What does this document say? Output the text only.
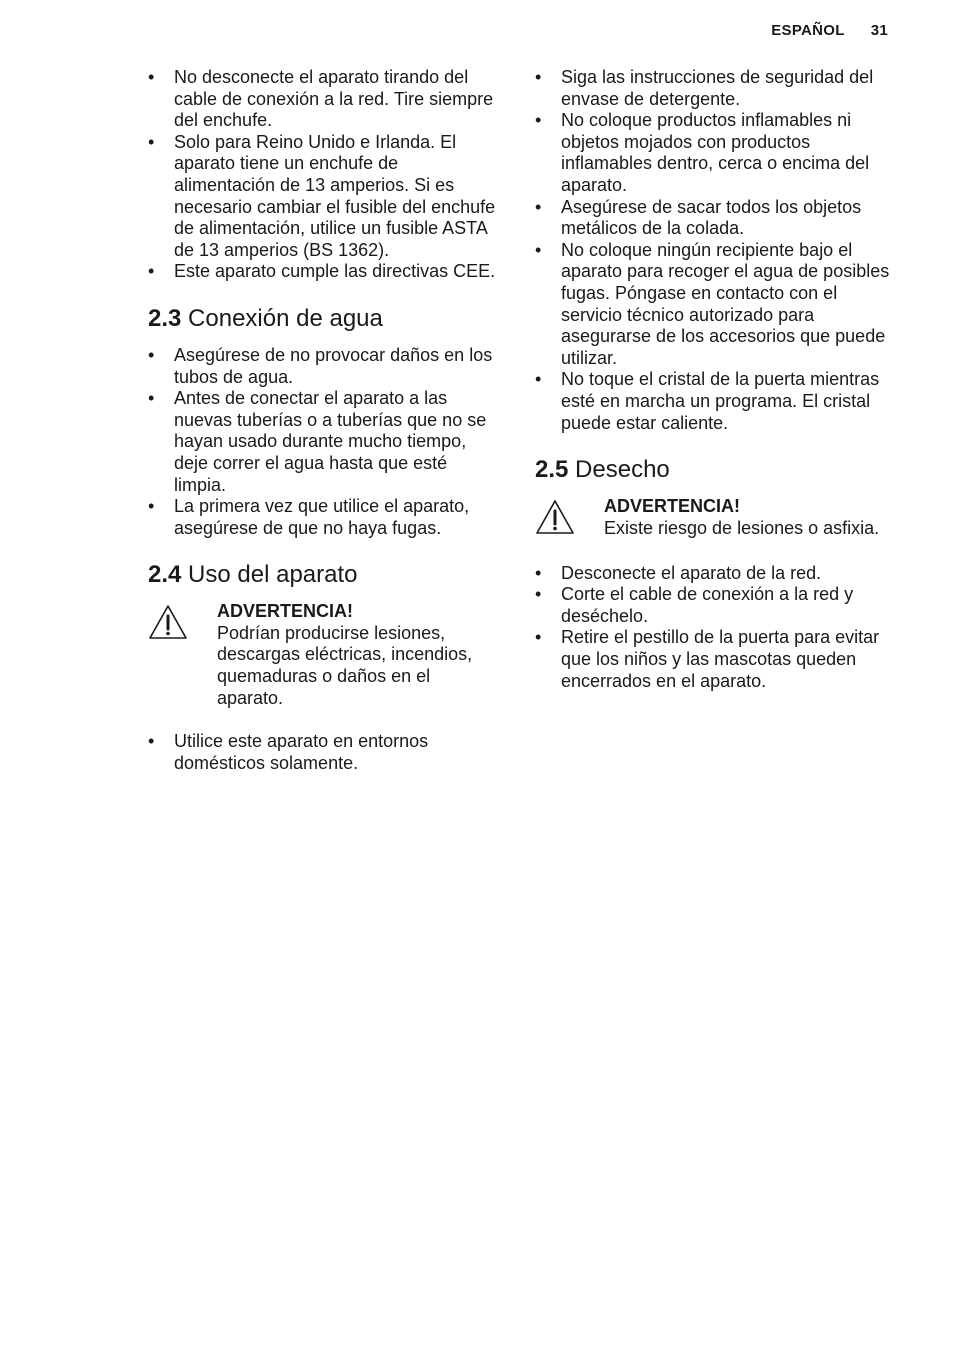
ESPAÑOL 31
• No desconecte el aparato tirando del cable de conexión a la red. Tire siempre del enchufe.
• Solo para Reino Unido e Irlanda. El aparato tiene un enchufe de alimentación de 13 amperios. Si es necesario cambiar el fusible del enchufe de alimentación, utilice un fusible ASTA de 13 amperios (BS 1362).
• Este aparato cumple las directivas CEE.
2.3 Conexión de agua
• Asegúrese de no provocar daños en los tubos de agua.
• Antes de conectar el aparato a las nuevas tuberías o a tuberías que no se hayan usado durante mucho tiempo, deje correr el agua hasta que esté limpia.
• La primera vez que utilice el aparato, asegúrese de que no haya fugas.
2.4 Uso del aparato
ADVERTENCIA!
Podrían producirse lesiones, descargas eléctricas, incendios, quemaduras o daños en el aparato.
• Utilice este aparato en entornos domésticos solamente.
• Siga las instrucciones de seguridad del envase de detergente.
• No coloque productos inflamables ni objetos mojados con productos inflamables dentro, cerca o encima del aparato.
• Asegúrese de sacar todos los objetos metálicos de la colada.
• No coloque ningún recipiente bajo el aparato para recoger el agua de posibles fugas. Póngase en contacto con el servicio técnico autorizado para asegurarse de los accesorios que puede utilizar.
• No toque el cristal de la puerta mientras esté en marcha un programa. El cristal puede estar caliente.
2.5 Desecho
ADVERTENCIA!
Existe riesgo de lesiones o asfixia.
• Desconecte el aparato de la red.
• Corte el cable de conexión a la red y deséchelo.
• Retire el pestillo de la puerta para evitar que los niños y las mascotas queden encerrados en el aparato.
